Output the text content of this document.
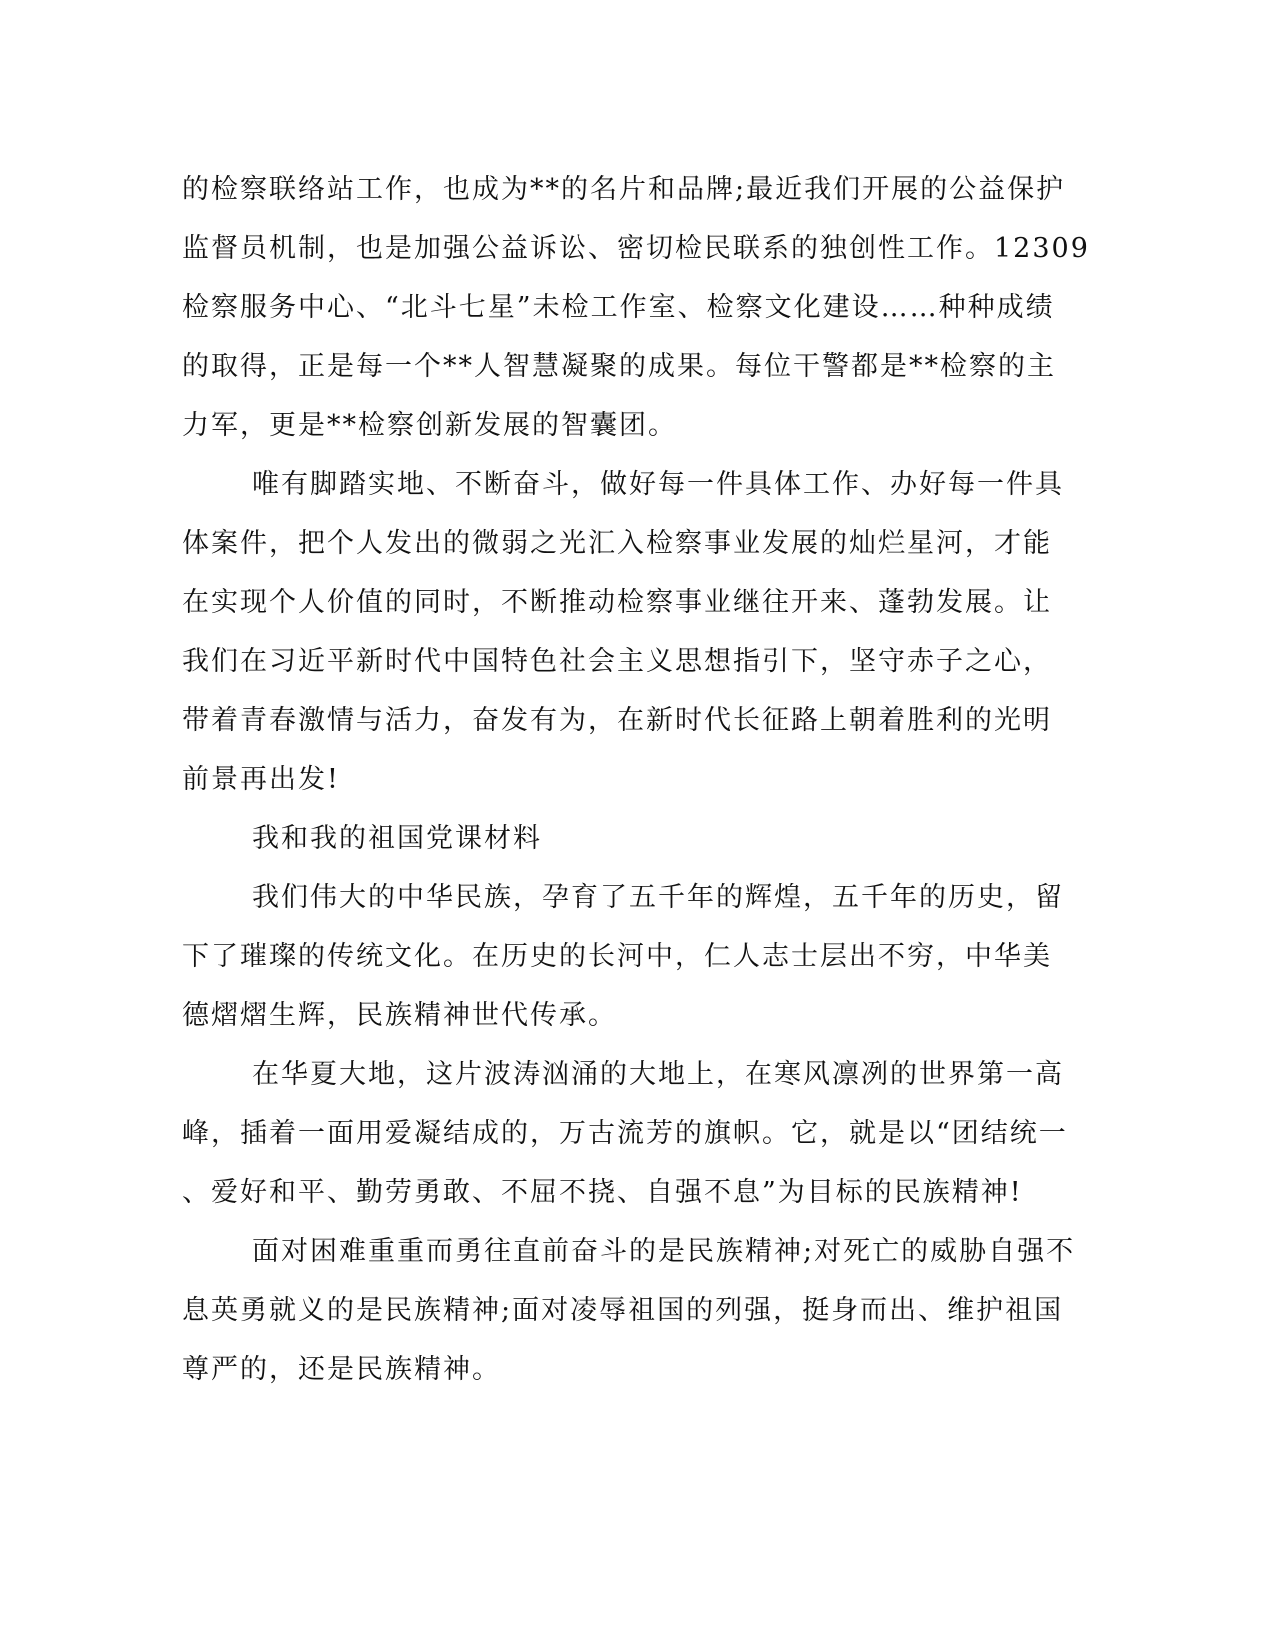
的检察联络站工作，也成为**的名片和品牌;最近我们开展的公益保护
监督员机制，也是加强公益诉讼、密切检民联系的独创性工作。12309
检察服务中心、“北斗七星”未检工作室、检察文化建设……种种成绩
的取得，正是每一个**人智慧凝聚的成果。每位干警都是**检察的主
力军，更是**检察创新发展的智囊团。
唯有脚踏实地、不断奋斗，做好每一件具体工作、办好每一件具
体案件，把个人发出的微弱之光汇入检察事业发展的灿烂星河，才能
在实现个人价值的同时，不断推动检察事业继往开来、蓬勃发展。让
我们在习近平新时代中国特色社会主义思想指引下，坚守赤子之心，
带着青春激情与活力，奋发有为，在新时代长征路上朝着胜利的光明
前景再出发!
我和我的祖国党课材料
我们伟大的中华民族，孕育了五千年的辉煌，五千年的历史，留
下了璀璨的传统文化。在历史的长河中，仁人志士层出不穷，中华美
德熠熠生辉，民族精神世代传承。
在华夏大地，这片波涛汹涌的大地上，在寒风凛冽的世界第一高
峰，插着一面用爱凝结成的，万古流芳的旗帜。它，就是以“团结统一
、爱好和平、勤劳勇敢、不屈不挠、自强不息”为目标的民族精神!
面对困难重重而勇往直前奋斗的是民族精神;对死亡的威胁自强不
息英勇就义的是民族精神;面对凌辱祖国的列强，挺身而出、维护祖国
尊严的，还是民族精神。
